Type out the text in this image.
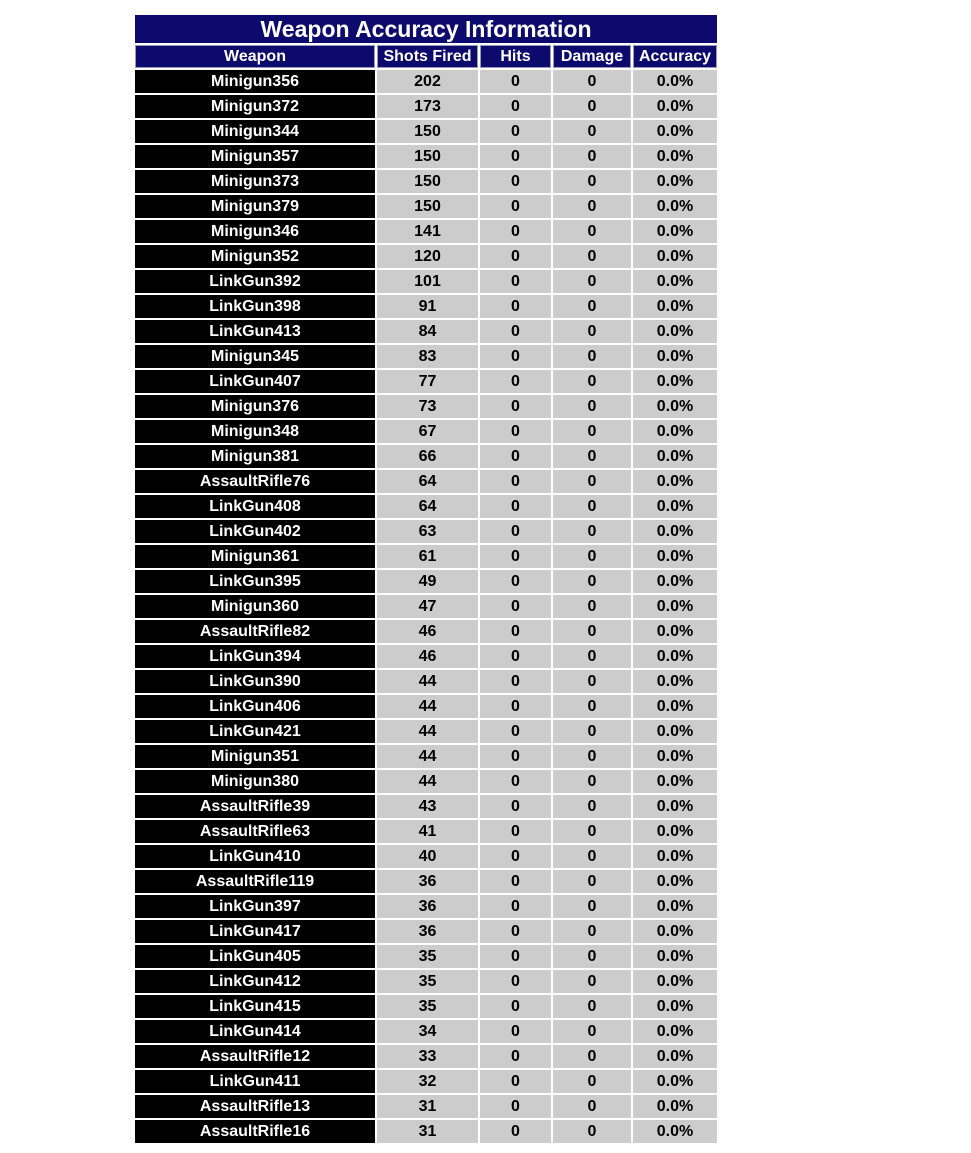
Weapon Accuracy Information				
Weapon	Shots Fired	Hits	Damage	Accuracy
Minigun356	202	0	0	0.0%
Minigun372	173	0	0	0.0%
Minigun344	150	0	0	0.0%
Minigun357	150	0	0	0.0%
Minigun373	150	0	0	0.0%
Minigun379	150	0	0	0.0%
Minigun346	141	0	0	0.0%
Minigun352	120	0	0	0.0%
LinkGun392	101	0	0	0.0%
LinkGun398	91	0	0	0.0%
LinkGun413	84	0	0	0.0%
Minigun345	83	0	0	0.0%
LinkGun407	77	0	0	0.0%
Minigun376	73	0	0	0.0%
Minigun348	67	0	0	0.0%
Minigun381	66	0	0	0.0%
AssaultRifle76	64	0	0	0.0%
LinkGun408	64	0	0	0.0%
LinkGun402	63	0	0	0.0%
Minigun361	61	0	0	0.0%
LinkGun395	49	0	0	0.0%
Minigun360	47	0	0	0.0%
AssaultRifle82	46	0	0	0.0%
LinkGun394	46	0	0	0.0%
LinkGun390	44	0	0	0.0%
LinkGun406	44	0	0	0.0%
LinkGun421	44	0	0	0.0%
Minigun351	44	0	0	0.0%
Minigun380	44	0	0	0.0%
AssaultRifle39	43	0	0	0.0%
AssaultRifle63	41	0	0	0.0%
LinkGun410	40	0	0	0.0%
AssaultRifle119	36	0	0	0.0%
LinkGun397	36	0	0	0.0%
LinkGun417	36	0	0	0.0%
LinkGun405	35	0	0	0.0%
LinkGun412	35	0	0	0.0%
LinkGun415	35	0	0	0.0%
LinkGun414	34	0	0	0.0%
AssaultRifle12	33	0	0	0.0%
LinkGun411	32	0	0	0.0%
AssaultRifle13	31	0	0	0.0%
AssaultRifle16	31	0	0	0.0%
